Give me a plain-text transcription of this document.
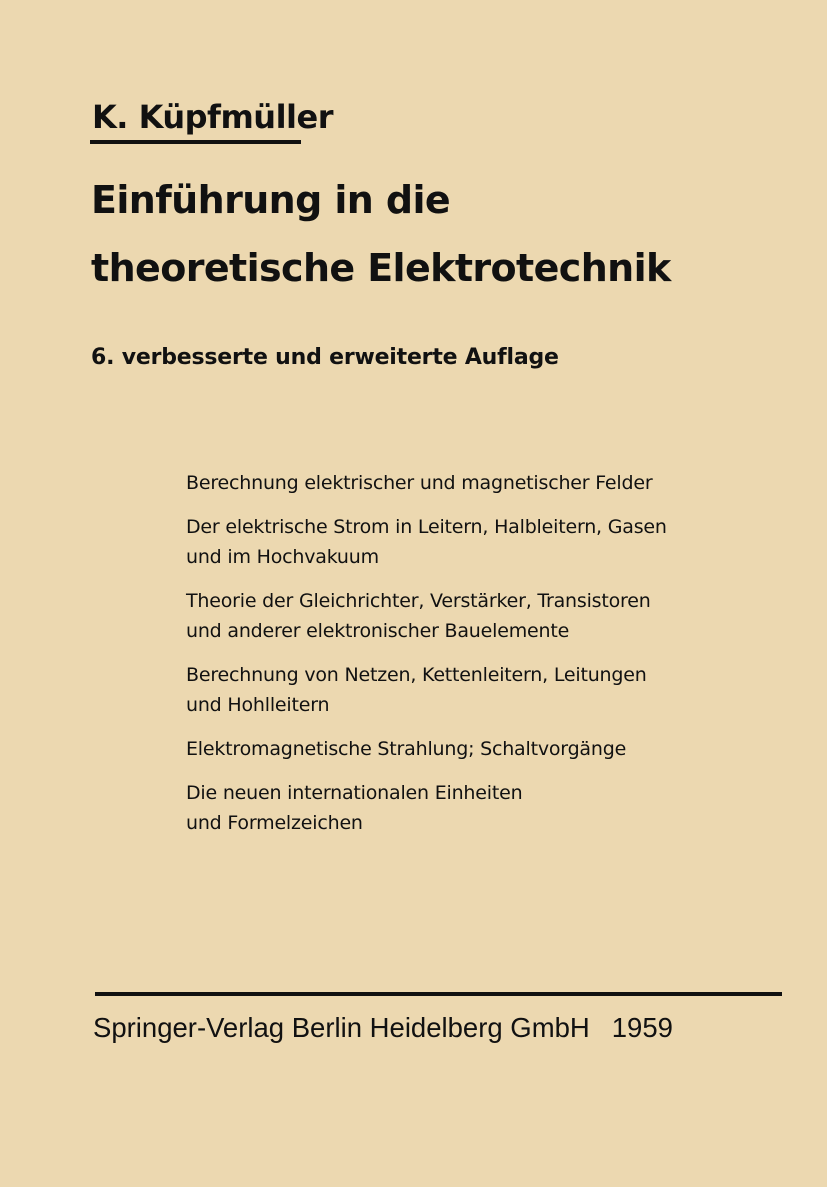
K. Küpfmüller
Einführung in die
theoretische Elektrotechnik
6. verbesserte und erweiterte Auflage
Berechnung elektrischer und magnetischer Felder
Der elektrische Strom in Leitern, Halbleitern, Gasen
und im Hochvakuum
Theorie der Gleichrichter, Verstärker, Transistoren
und anderer elektronischer Bauelemente
Berechnung von Netzen, Kettenleitern, Leitungen
und Hohlleitern
Elektromagnetische Strahlung; Schaltvorgänge
Die neuen internationalen Einheiten
und Formelzeichen
Springer-Verlag Berlin Heidelberg GmbH 1959
